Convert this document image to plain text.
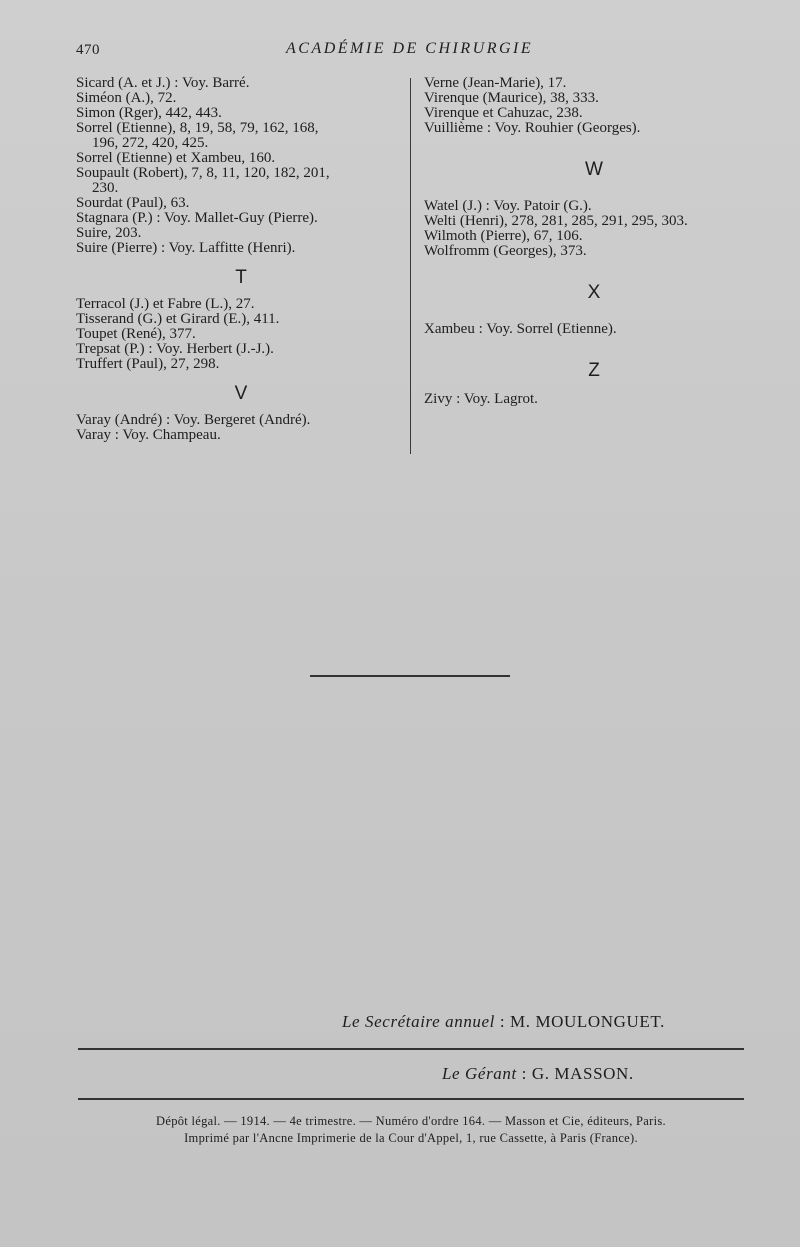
470	ACADÉMIE DE CHIRURGIE
Sicard (A. et J.) : Voy. Barré.
Siméon (A.), 72.
Simon (Rger), 442, 443.
Sorrel (Etienne), 8, 19, 58, 79, 162, 168,
196, 272, 420, 425.
Sorrel (Etienne) et Xambeu, 160.
Soupault (Robert), 7, 8, 11, 120, 182, 201,
230.
Sourdat (Paul), 63.
Stagnara (P.) : Voy. Mallet-Guy (Pierre).
Suire, 203.
Suire (Pierre) : Voy. Laffitte (Henri).
T
Terracol (J.) et Fabre (L.), 27.
Tisserand (G.) et Girard (E.), 411.
Toupet (René), 377.
Trepsat (P.) : Voy. Herbert (J.-J.).
Truffert (Paul), 27, 298.
V
Varay (André) : Voy. Bergeret (André).
Varay : Voy. Champeau.
Verne (Jean-Marie), 17.
Virenque (Maurice), 38, 333.
Virenque et Cahuzac, 238.
Vuillième : Voy. Rouhier (Georges).
W
Watel (J.) : Voy. Patoir (G.).
Welti (Henri), 278, 281, 285, 291, 295, 303.
Wilmoth (Pierre), 67, 106.
Wolfromm (Georges), 373.
X
Xambeu : Voy. Sorrel (Etienne).
Z
Zivy : Voy. Lagrot.
Le Secrétaire annuel : M. MOULONGUET.
Le Gérant : G. MASSON.
Dépôt légal. — 1914. — 4e trimestre. — Numéro d'ordre 164. — Masson et Cie, éditeurs, Paris.
Imprimé par l'Ancne Imprimerie de la Cour d'Appel, 1, rue Cassette, à Paris (France).
